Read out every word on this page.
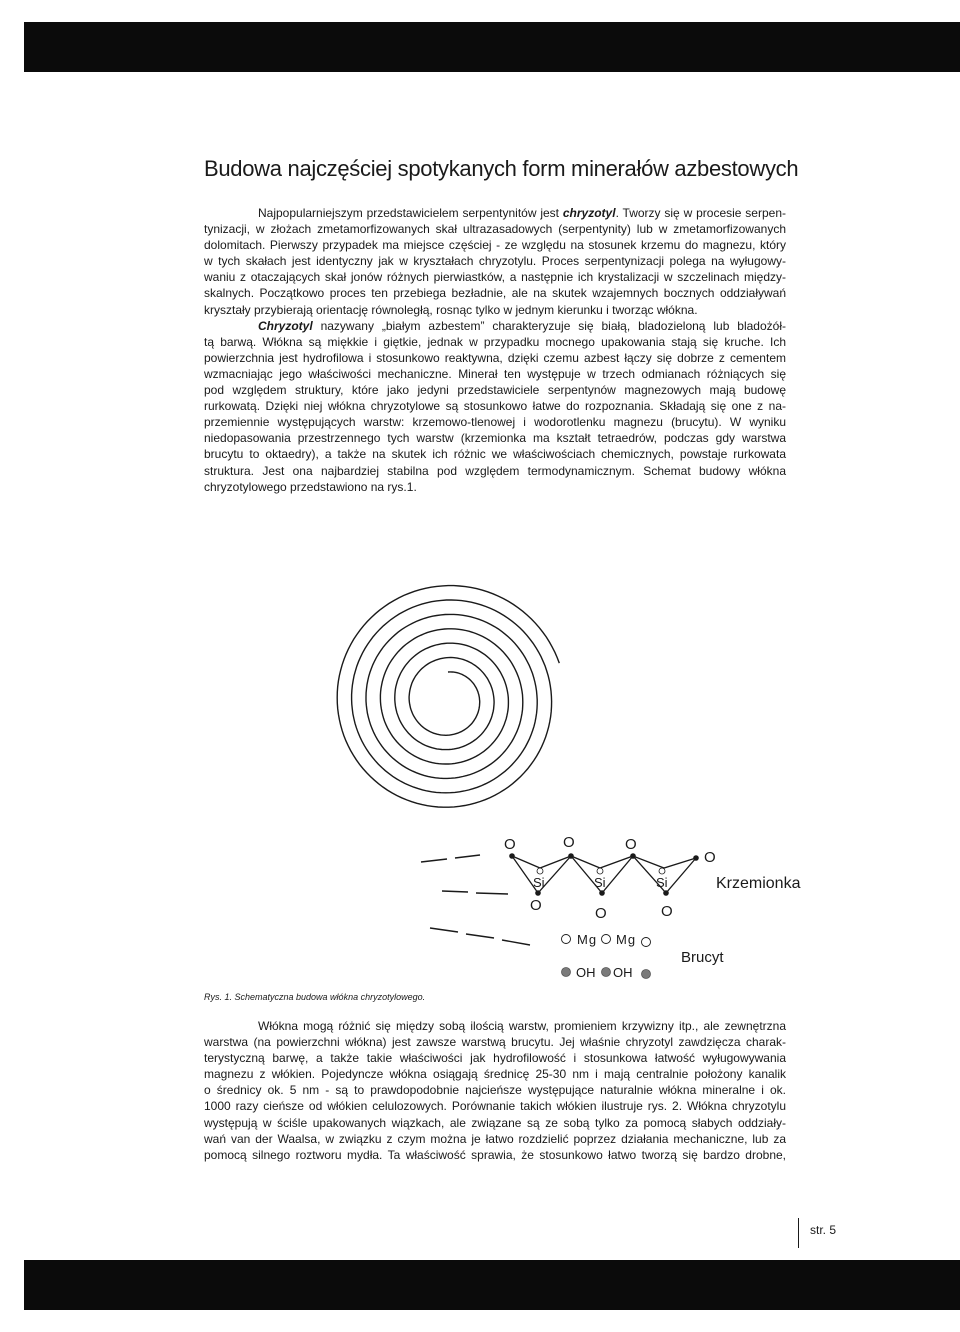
Budowa najczęściej spotykanych form minerałów azbestowych
Najpopularniejszym przedstawicielem serpentynitów jest chryzotyl. Tworzy się w procesie serpen-
tynizacji, w złożach zmetamorfizowanych skał ultrazasadowych (serpentynity) lub w zmetamorfizowanych
dolomitach. Pierwszy przypadek ma miejsce częściej - ze względu na stosunek krzemu do magnezu, który
w tych skałach jest identyczny jak w kryształach chryzotylu. Proces serpentynizacji polega na wyługowy-
waniu z otaczających skał jonów różnych pierwiastków, a następnie ich krystalizacji w szczelinach między-
skalnych. Początkowo proces ten przebiega bezładnie, ale na skutek wzajemnych bocznych oddziaływań
kryształy przybierają orientację równoległą, rosnąc tylko w jednym kierunku i tworząc włókna.
Chryzotyl nazywany „białym azbestem” charakteryzuje się białą, bladozieloną lub bladożół-
tą barwą. Włókna są miękkie i giętkie, jednak w przypadku mocnego upakowania stają się kruche. Ich
powierzchnia jest hydrofilowa i stosunkowo reaktywna, dzięki czemu azbest łączy się dobrze z cementem
wzmacniając jego właściwości mechaniczne. Minerał ten występuje w trzech odmianach różniących się
pod względem struktury, które jako jedyni przedstawiciele serpentynów magnezowych mają budowę
rurkowatą. Dzięki niej włókna chryzotylowe są stosunkowo łatwe do rozpoznania. Składają się one z na-
przemiennie występujących warstw: krzemowo-tlenowej i wodorotlenku magnezu (brucytu). W wyniku
niedopasowania przestrzennego tych warstw (krzemionka ma kształt tetraedrów, podczas gdy warstwa
brucytu to oktaedry), a także na skutek ich różnic we właściwościach chemicznych, powstaje rurkowata
struktura. Jest ona najbardziej stabilna pod względem termodynamicznym. Schemat budowy włókna
chryzotylowego przedstawiono na rys.1.
O	O	O
O
O	O	O
Si	Si	Si	Krzemionka
Mg Mg
OH OH
Brucyt
Rys. 1. Schematyczna budowa włókna chryzotylowego.
Włókna mogą różnić się między sobą ilością warstw, promieniem krzywizny itp., ale zewnętrzna
warstwa (na powierzchni włókna) jest zawsze warstwą brucytu. Jej właśnie chryzotyl zawdzięcza charak-
terystyczną barwę, a także takie właściwości jak hydrofilowość i stosunkowa łatwość wyługowywania
magnezu z włókien. Pojedyncze włókna osiągają średnicę 25-30 nm i mają centralnie położony kanalik
o średnicy ok. 5 nm - są to prawdopodobnie najcieńsze występujące naturalnie włókna mineralne i ok.
1000 razy cieńsze od włókien celulozowych. Porównanie takich włókien ilustruje rys. 2. Włókna chryzotylu
występują w ściśle upakowanych wiązkach, ale związane są ze sobą tylko za pomocą słabych oddziały-
wań van der Waalsa, w związku z czym można je łatwo rozdzielić poprzez działania mechaniczne, lub za
pomocą silnego roztworu mydła. Ta właściwość sprawia, że stosunkowo łatwo tworzą się bardzo drobne,
str. 5
